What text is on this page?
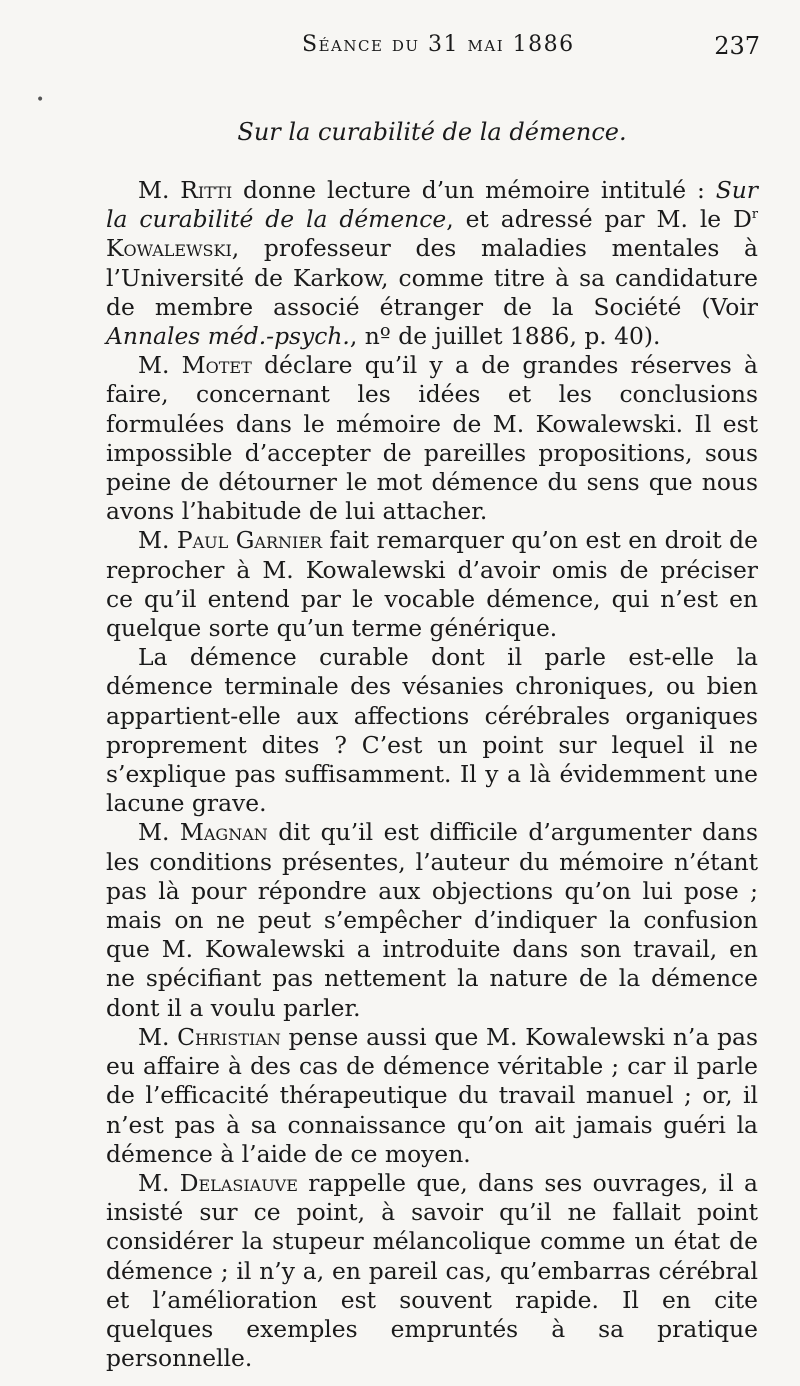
Séance du 31 mai 1886	237
•
Sur la curabilité de la démence.

M. Ritti donne lecture d’un mémoire intitulé : Sur la curabilité de la démence, et adressé par M. le $D^r$ Kowalewski, professeur des maladies mentales à l’Université de Karkow, comme titre à sa candidature de membre associé étranger de la Société (Voir Annales méd.-psych., nº de juillet 1886, p. 40).

M. Motet déclare qu’il y a de grandes réserves à faire, concernant les idées et les conclusions formulées dans le mémoire de M. Kowalewski. Il est impossible d’accepter de pareilles propositions, sous peine de détourner le mot démence du sens que nous avons l’habitude de lui attacher.

M. Paul Garnier fait remarquer qu’on est en droit de reprocher à M. Kowalewski d’avoir omis de préciser ce qu’il entend par le vocable démence, qui n’est en quelque sorte qu’un terme générique.

La démence curable dont il parle est-elle la démence terminale des vésanies chroniques, ou bien appartient-elle aux affections cérébrales organiques proprement dites ? C’est un point sur lequel il ne s’explique pas suffisamment. Il y a là évidemment une lacune grave.

M. Magnan dit qu’il est difficile d’argumenter dans les conditions présentes, l’auteur du mémoire n’étant pas là pour répondre aux objections qu’on lui pose ; mais on ne peut s’empêcher d’indiquer la confusion que M. Kowalewski a introduite dans son travail, en ne spécifiant pas nettement la nature de la démence dont il a voulu parler.

M. Christian pense aussi que M. Kowalewski n’a pas eu affaire à des cas de démence véritable ; car il parle de l’efficacité thérapeutique du travail manuel ; or, il n’est pas à sa connaissance qu’on ait jamais guéri la démence à l’aide de ce moyen.

M. Delasiauve rappelle que, dans ses ouvrages, il a insisté sur ce point, à savoir qu’il ne fallait point considérer la stupeur mélancolique comme un état de démence ; il n’y a, en pareil cas, qu’embarras cérébral et l’amélioration est souvent rapide. Il en cite quelques exemples empruntés à sa pratique personnelle.
